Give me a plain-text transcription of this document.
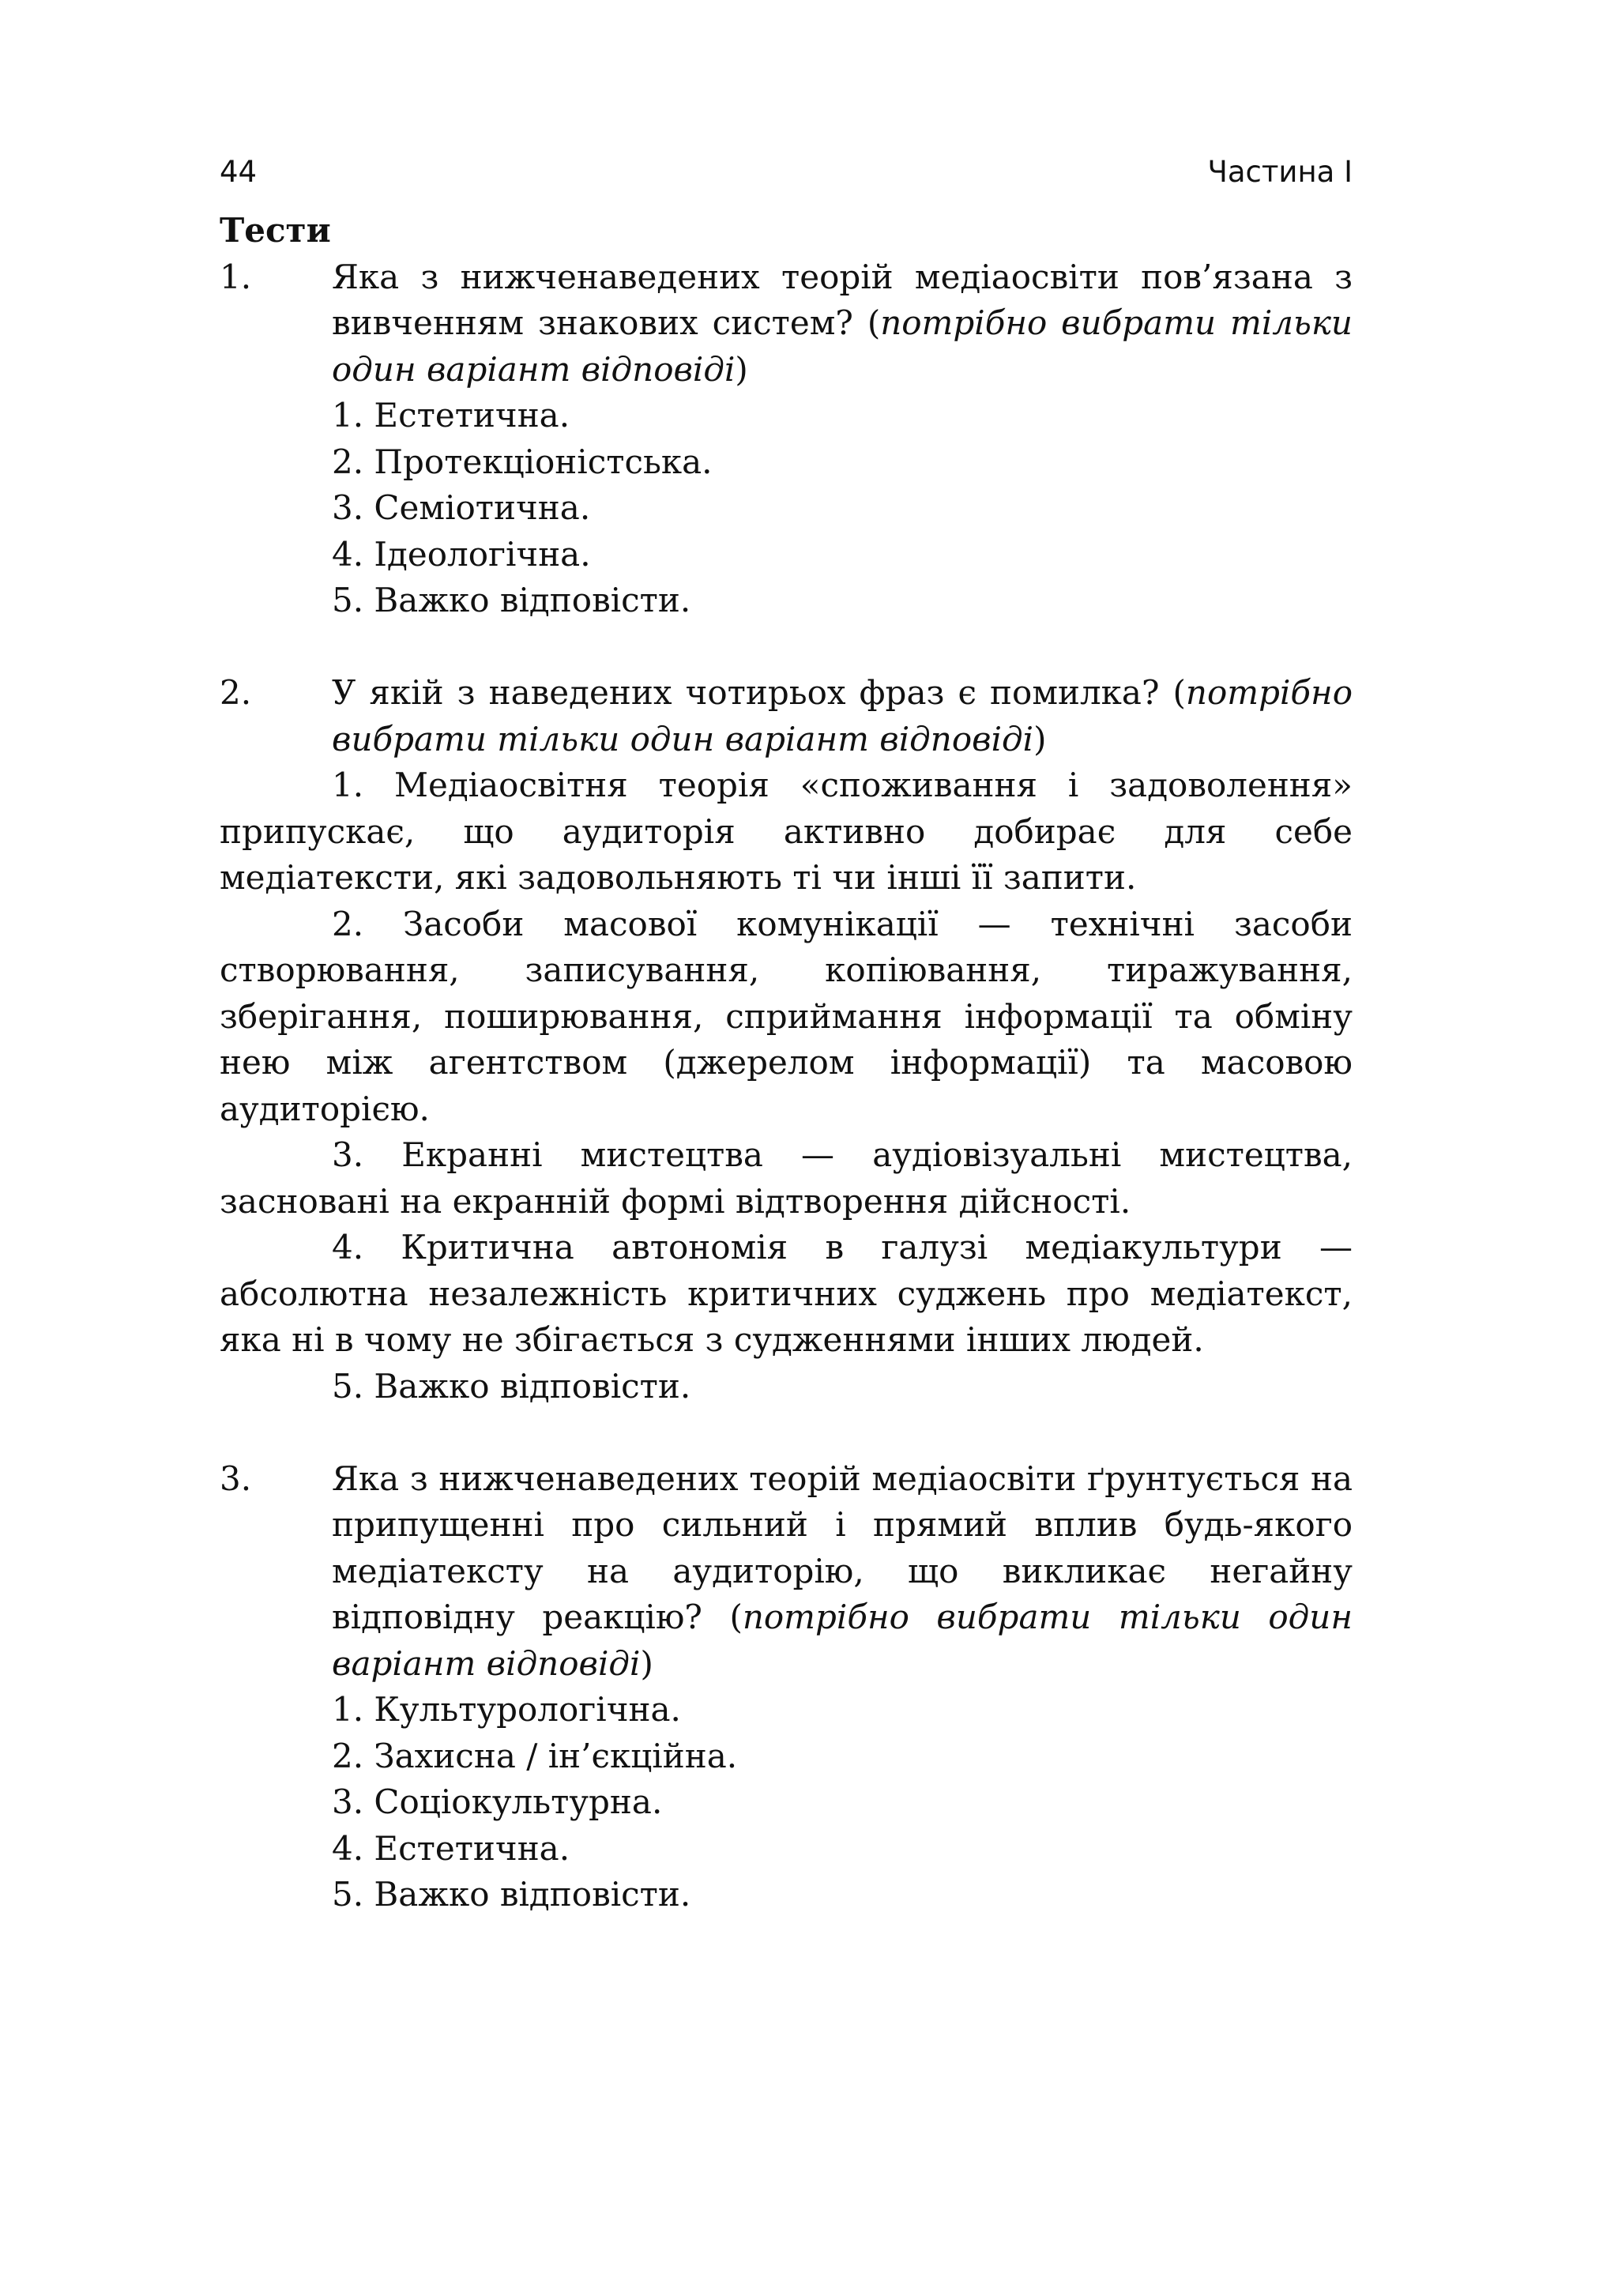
44	Частина І
Тести
1. Яка з нижченаведених теорій медіаосвіти пов’язана з вивченням знакових систем? (потрібно вибрати тільки один варіант відповіді)
1. Естетична.
2. Протекціоністська.
3. Семіотична.
4. Ідеологічна.
5. Важко відповісти.
2. У якій з наведених чотирьох фраз є помилка? (потрібно вибрати тільки один варіант відповіді)
1. Медіаосвітня теорія «споживання і задоволення» припускає, що аудиторія активно добирає для себе медіатексти, які задовольняють ті чи інші її запити.
2. Засоби масової комунікації — технічні засоби створювання, записування, копіювання, тиражування, зберігання, поширювання, сприймання інформації та обміну нею між агентством (джерелом інформації) та масовою аудиторією.
3. Екранні мистецтва — аудіовізуальні мистецтва, засновані на екранній формі відтворення дійсності.
4. Критична автономія в галузі медіакультури — абсолютна незалежність критичних суджень про медіатекст, яка ні в чому не збігається з судженнями інших людей.
5. Важко відповісти.
3. Яка з нижченаведених теорій медіаосвіти ґрунтується на припущенні про сильний і прямий вплив будь-якого медіатексту на аудиторію, що викликає негайну відповідну реакцію? (потрібно вибрати тільки один варіант відповіді)
1. Культурологічна.
2. Захисна / ін’єкційна.
3. Соціокультурна.
4. Естетична.
5. Важко відповісти.
